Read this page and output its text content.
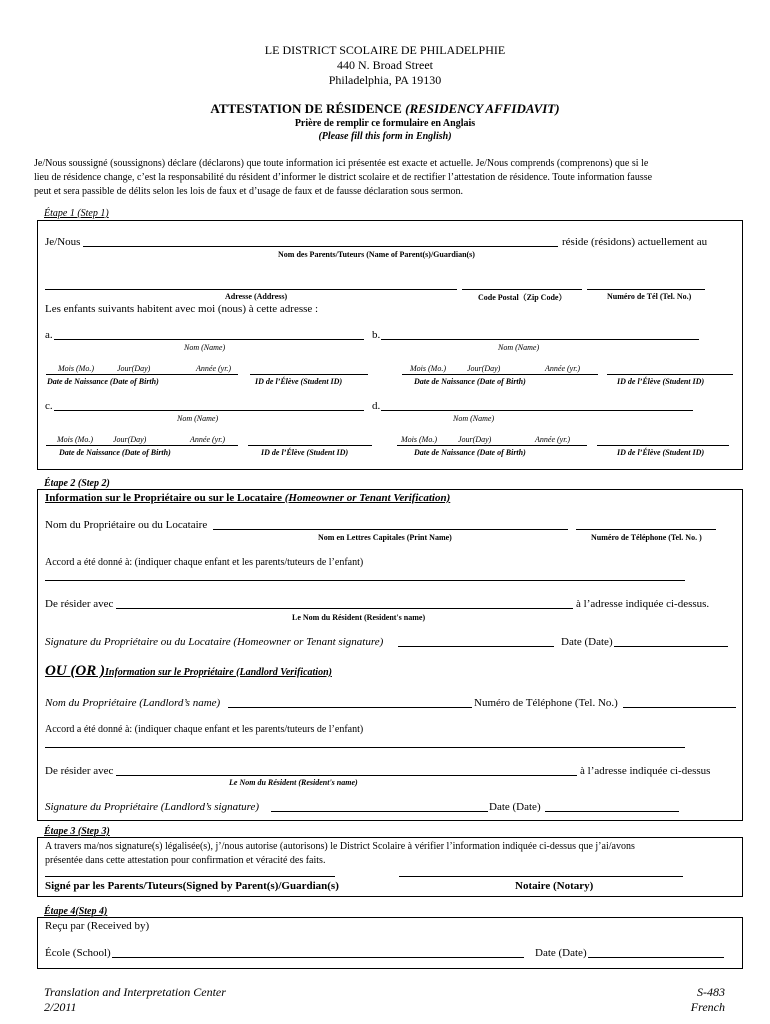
LE DISTRICT SCOLAIRE DE PHILADELPHIE
440 N. Broad Street
Philadelphia, PA 19130
ATTESTATION DE RÉSIDENCE (RESIDENCY AFFIDAVIT)
Prière de remplir ce formulaire en Anglais
(Please fill this form in English)
Je/Nous soussigné (soussignons) déclare (déclarons) que toute information ici présentée est exacte et actuelle. Je/Nous comprends (comprenons) que si le
lieu de résidence change, c’est la responsabilité du résident d’informer le district scolaire et de rectifier l’attestation de résidence. Toute information fausse
peut et sera passible de délits selon les lois de faux et d’usage de faux et de fausse déclaration sous sermon.
Étape 1 (Step 1)
Je/Nous	réside (résidons) actuellement au
Nom des Parents/Tuteurs (Name of Parent(s)/Guardian(s)
Adresse (Address)	Code Postal（Zip Code）	Numéro de Tél (Tel. No.)
Les enfants suivants habitent avec moi (nous) à cette adresse :
a.	b.
Nom (Name)	Nom (Name)
Mois (Mo.)	Jour(Day)	Année (yr.)
Date de Naissance (Date of Birth)	ID de l’Élève (Student ID)
Mois (Mo.)	Jour(Day)	Année (yr.)
Date de Naissance (Date of Birth)	ID de l’Élève (Student ID)
c.	d.
Nom (Name)	Nom (Name)
Mois (Mo.)	Jour(Day)	Année (yr.)
Date de Naissance (Date of Birth)	ID de l’Élève (Student ID)
Mois (Mo.)	Jour(Day)	Année (yr.)
Date de Naissance (Date of Birth)	ID de l’Élève (Student ID)
Étape 2 (Step 2)
Information sur le Propriétaire ou sur le Locataire (Homeowner or Tenant Verification)
Nom du Propriétaire ou du Locataire
Nom en Lettres Capitales (Print Name)	Numéro de Téléphone (Tel. No. )
Accord a été donné à: (indiquer chaque enfant et les parents/tuteurs de l’enfant)
De résider avec	à l’adresse indiquée ci-dessus.
Le Nom du Résident (Resident's name)
Signature du Propriétaire ou du Locataire (Homeowner or Tenant signature)	Date (Date)
OU (OR )Information sur le Propriétaire (Landlord Verification)
Nom du Propriétaire (Landlord’s name)	Numéro de Téléphone (Tel. No.)
Accord a été donné à: (indiquer chaque enfant et les parents/tuteurs de l’enfant)
De résider avec	à l’adresse indiquée ci-dessus
Le Nom du Résident (Resident's name)
Signature du Propriétaire (Landlord’s signature)	Date (Date)
Étape 3 (Step 3)
A travers ma/nos signature(s) légalisée(s), j’/nous autorise (autorisons) le District Scolaire à vérifier l’information indiquée ci-dessus que j’ai/avons
présentée dans cette attestation pour confirmation et véracité des faits.
Signé par les Parents/Tuteurs(Signed by Parent(s)/Guardian(s)	Notaire (Notary)
Étape 4(Step 4)
Reçu par (Received by)
École (School)	Date (Date)
Translation and Interpretation Center
2/2011
S-483
French
